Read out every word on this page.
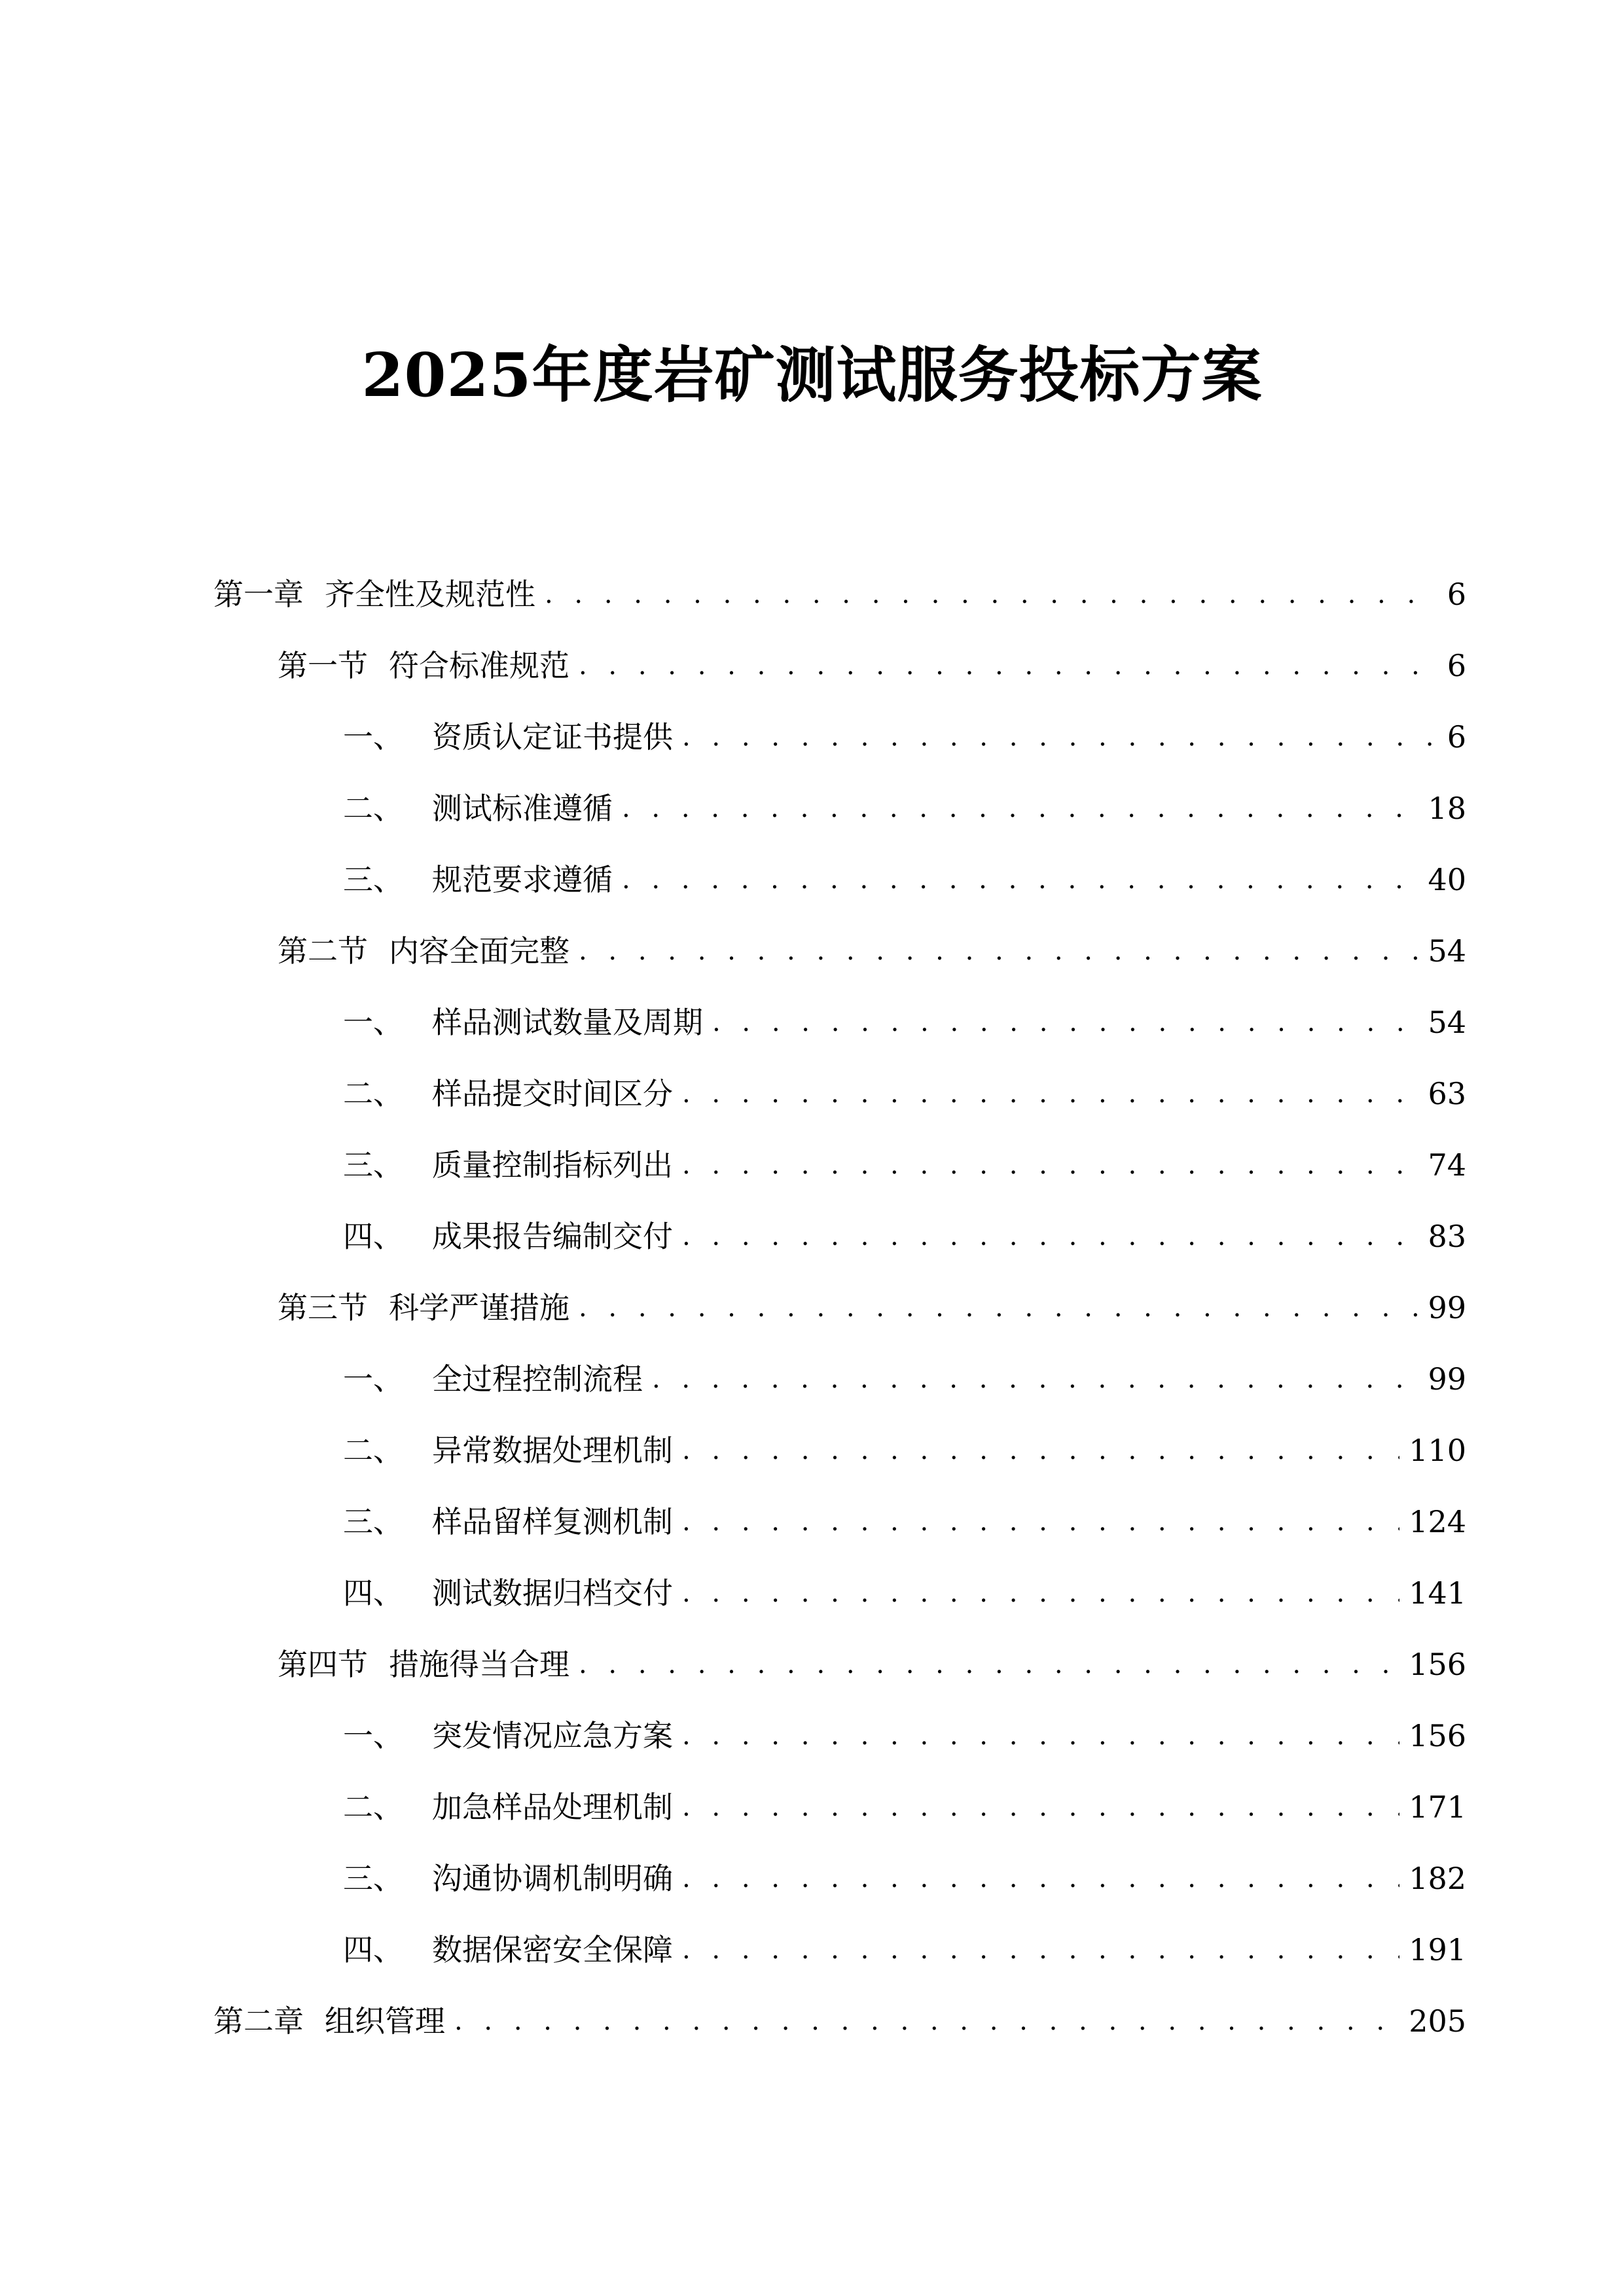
2025年度岩矿测试服务投标方案
第一章 齐全性及规范性 . . .	6
第一节 符合标准规范 . . .	6
一、 资质认定证书提供 . . .	6
二、 测试标准遵循 . . .	18
三、 规范要求遵循 . . .	40
第二节 内容全面完整 . . .	54
一、 样品测试数量及周期 . . .	54
二、 样品提交时间区分 . . .	63
三、 质量控制指标列出 . . .	74
四、 成果报告编制交付 . . .	83
第三节 科学严谨措施 . . .	99
一、 全过程控制流程 . . .	99
二、 异常数据处理机制 . . .	110
三、 样品留样复测机制 . . .	124
四、 测试数据归档交付 . . .	141
第四节 措施得当合理 . . .	156
一、 突发情况应急方案 . . .	156
二、 加急样品处理机制 . . .	171
三、 沟通协调机制明确 . . .	182
四、 数据保密安全保障 . . .	191
第二章 组织管理 . . .	205
